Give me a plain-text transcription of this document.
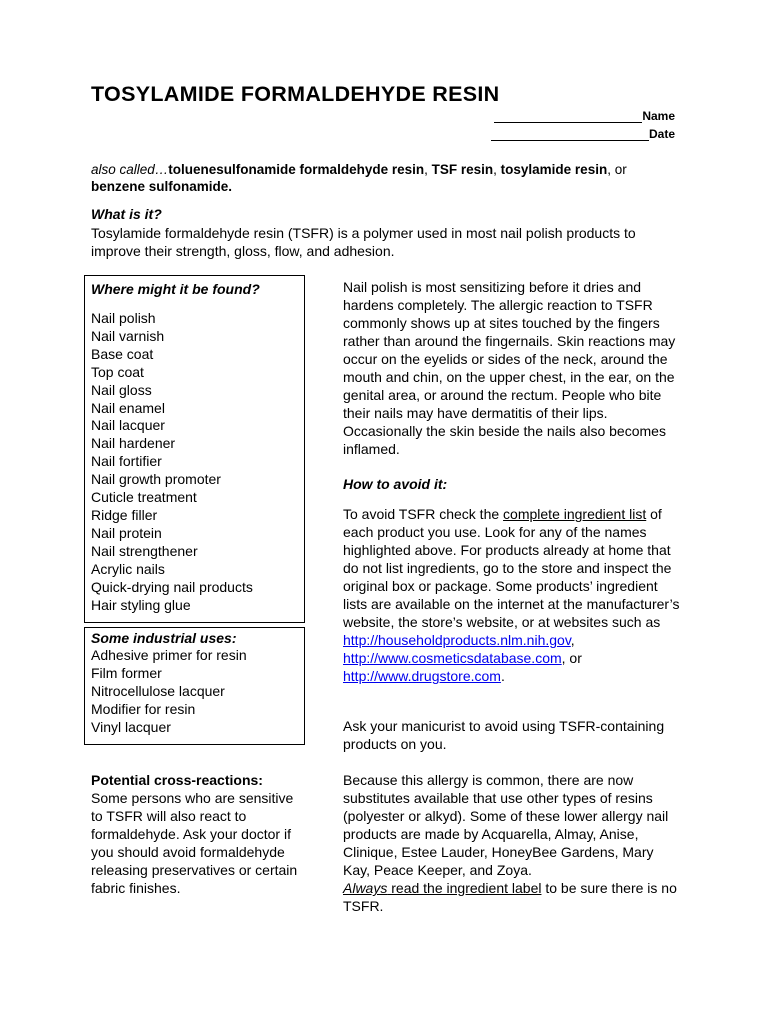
TOSYLAMIDE FORMALDEHYDE RESIN
Name
Date
also called…toluenesulfonamide formaldehyde resin, TSF resin, tosylamide resin, or
benzene sulfonamide.
What is it?
Tosylamide formaldehyde resin (TSFR) is a polymer used in most nail polish products to improve their strength, gloss, flow, and adhesion.
Where might it be found?
Nail polish
Nail varnish
Base coat
Top coat
Nail gloss
Nail enamel
Nail lacquer
Nail hardener
Nail fortifier
Nail growth promoter
Cuticle treatment
Ridge filler
Nail protein
Nail strengthener
Acrylic nails
Quick-drying nail products
Hair styling glue
Some industrial uses:
Adhesive primer for resin
Film former
Nitrocellulose lacquer
Modifier for resin
Vinyl lacquer
Potential cross-reactions:
Some persons who are sensitive to TSFR will also react to formaldehyde. Ask your doctor if you should avoid formaldehyde releasing preservatives or certain fabric finishes.
Nail polish is most sensitizing before it dries and hardens completely. The allergic reaction to TSFR commonly shows up at sites touched by the fingers rather than around the fingernails. Skin reactions may occur on the eyelids or sides of the neck, around the mouth and chin, on the upper chest, in the ear, on the genital area, or around the rectum. People who bite their nails may have dermatitis of their lips. Occasionally the skin beside the nails also becomes inflamed.
How to avoid it:
To avoid TSFR check the complete ingredient list of each product you use. Look for any of the names highlighted above. For products already at home that do not list ingredients, go to the store and inspect the original box or package. Some products’ ingredient lists are available on the internet at the manufacturer’s website, the store’s website, or at websites such as http://householdproducts.nlm.nih.gov,
http://www.cosmeticsdatabase.com, or
http://www.drugstore.com.
Ask your manicurist to avoid using TSFR-containing products on you.
Because this allergy is common, there are now substitutes available that use other types of resins (polyester or alkyd). Some of these lower allergy nail products are made by Acquarella, Almay, Anise, Clinique, Estee Lauder, HoneyBee Gardens, Mary Kay, Peace Keeper, and Zoya.
Always read the ingredient label to be sure there is no TSFR.
